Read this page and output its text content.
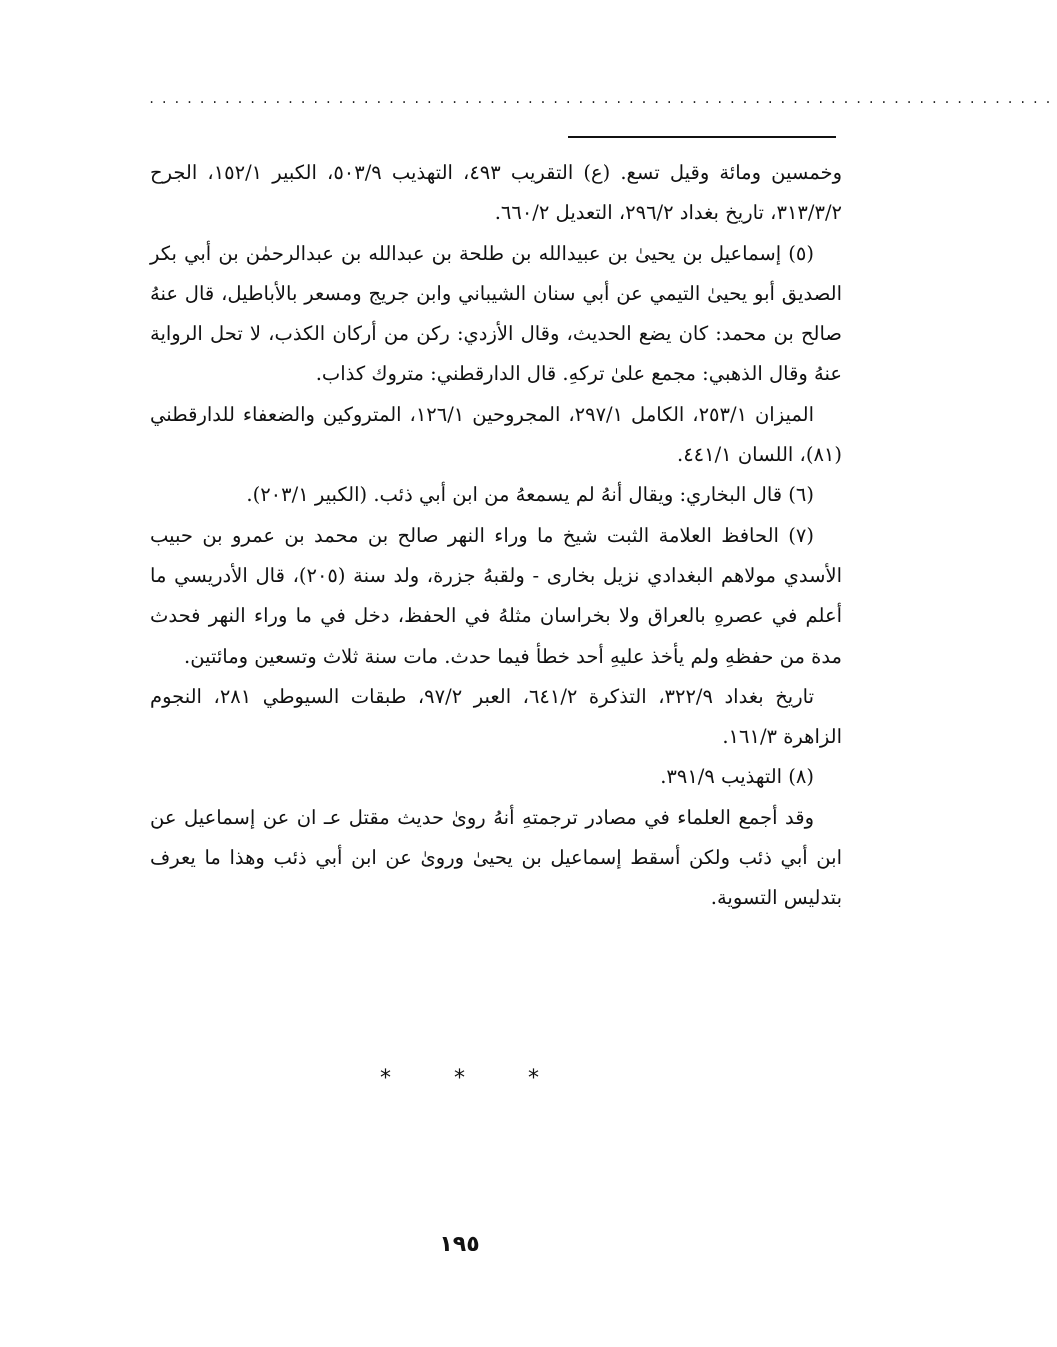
........................................................................

وخمسين ومائة وقيل تسع. (ع) التقريب ٤٩٣، التهذيب ٥٠٣/٩، الكبير ١٥٢/١، الجرح ٣١٣/٣/٢، تاريخ بغداد ٢٩٦/٢، التعديل ٦٦٠/٢.

(٥) إسماعيل بن يحيىٰ بن عبيدالله بن طلحة بن عبدالله بن عبدالرحمٰن بن أبي بكر الصديق أبو يحيىٰ التيمي عن أبي سنان الشيباني وابن جريج ومسعر بالأباطيل، قال عنهُ صالح بن محمد: كان يضع الحديث، وقال الأزدي: ركن من أركان الكذب، لا تحل الرواية عنهُ وقال الذهبي: مجمع علىٰ تركهِ. قال الدارقطني: متروك كذاب.

الميزان ٢٥٣/١، الكامل ٢٩٧/١، المجروحين ١٢٦/١، المتروكين والضعفاء للدارقطني (٨١)، اللسان ٤٤١/١.

(٦) قال البخاري: ويقال أنهُ لم يسمعهُ من ابن أبي ذئب. (الكبير ٢٠٣/١).

(٧) الحافظ العلامة الثبت شيخ ما وراء النهر صالح بن محمد بن عمرو بن حبيب الأسدي مولاهم البغدادي نزيل بخارى - ولقبهُ جزرة، ولد سنة (٢٠٥)، قال الأدريسي ما أعلم في عصرهِ بالعراق ولا بخراسان مثلهُ في الحفظ، دخل في ما وراء النهر فحدث مدة من حفظهِ ولم يأخذ عليهِ أحد خطأ فيما حدث. مات سنة ثلاث وتسعين ومائتين.

تاريخ بغداد ٣٢٢/٩، التذكرة ٦٤١/٢، العبر ٩٧/٢، طبقات السيوطي ٢٨١، النجوم الزاهرة ١٦١/٣.

(٨) التهذيب ٣٩١/٩.

وقد أجمع العلماء في مصادر ترجمتهِ أنهُ روىٰ حديث مقتل عـ ان عن إسماعيل عن ابن أبي ذئب ولكن أسقط إسماعيل بن يحيىٰ وروىٰ عن ابن أبي ذئب وهذا ما يعرف بتدليس التسوية.

* * *
١٩٥
